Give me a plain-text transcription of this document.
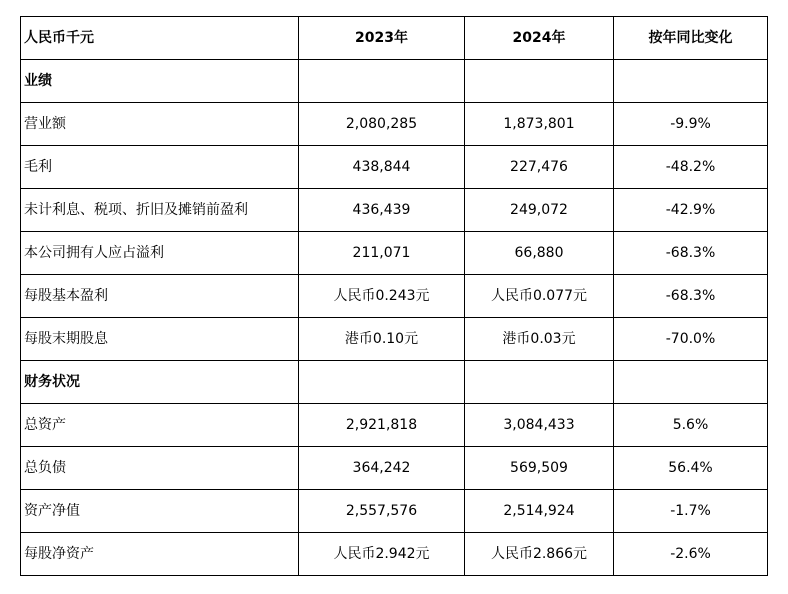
人民币千元	2023年	2024年	按年同比变化
业绩			
营业额	2,080,285	1,873,801	-9.9%
毛利	438,844	227,476	-48.2%
未计利息、税项、折旧及摊销前盈利	436,439	249,072	-42.9%
本公司拥有人应占溢利	211,071	66,880	-68.3%
每股基本盈利	人民币0.243元	人民币0.077元	-68.3%
每股末期股息	港币0.10元	港币0.03元	-70.0%
财务状况			
总资产	2,921,818	3,084,433	5.6%
总负债	364,242	569,509	56.4%
资产净值	2,557,576	2,514,924	-1.7%
每股净资产	人民币2.942元	人民币2.866元	-2.6%
